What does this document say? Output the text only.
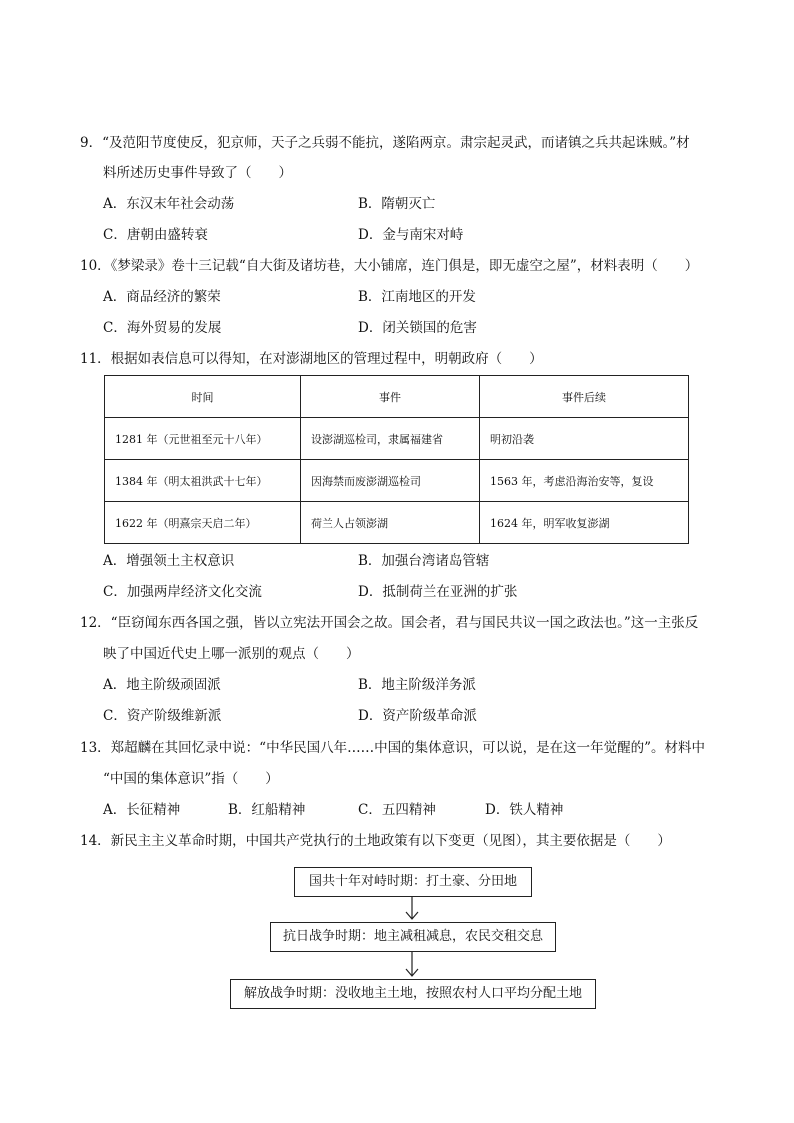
9．“及范阳节度使反，犯京师，天子之兵弱不能抗，遂陷两京。肃宗起灵武，而诸镇之兵共起诛贼。”材
料所述历史事件导致了（　　）
A．东汉末年社会动荡	B．隋朝灭亡
C．唐朝由盛转衰	D．金与南宋对峙
10．《梦梁录》卷十三记载“自大街及诸坊巷，大小铺席，连门俱是，即无虚空之屋”，材料表明（　　）
A．商品经济的繁荣	B．江南地区的开发
C．海外贸易的发展	D．闭关锁国的危害
11．根据如表信息可以得知，在对澎湖地区的管理过程中，明朝政府（　　）
时间	事件	事件后续
1281 年（元世祖至元十八年）	设澎湖巡检司，隶属福建省	明初沿袭
1384 年（明太祖洪武十七年）	因海禁而废澎湖巡检司	1563 年，考虑沿海治安等，复设
1622 年（明熹宗天启二年）	荷兰人占领澎湖	1624 年，明军收复澎湖
A．增强领土主权意识	B．加强台湾诸岛管辖
C．加强两岸经济文化交流	D．抵制荷兰在亚洲的扩张
12．“臣窃闻东西各国之强，皆以立宪法开国会之故。国会者，君与国民共议一国之政法也。”这一主张反
映了中国近代史上哪一派别的观点（　　）
A．地主阶级顽固派	B．地主阶级洋务派
C．资产阶级维新派	D．资产阶级革命派
13．郑超麟在其回忆录中说：“中华民国八年……中国的集体意识，可以说，是在这一年觉醒的”。材料中
“中国的集体意识”指（　　）
A．长征精神	B．红船精神	C．五四精神	D．铁人精神
14．新民主主义革命时期，中国共产党执行的土地政策有以下变更（见图），其主要依据是（　　）
国共十年对峙时期：打土豪、分田地
抗日战争时期：地主减租减息，农民交租交息
解放战争时期：没收地主土地，按照农村人口平均分配土地
